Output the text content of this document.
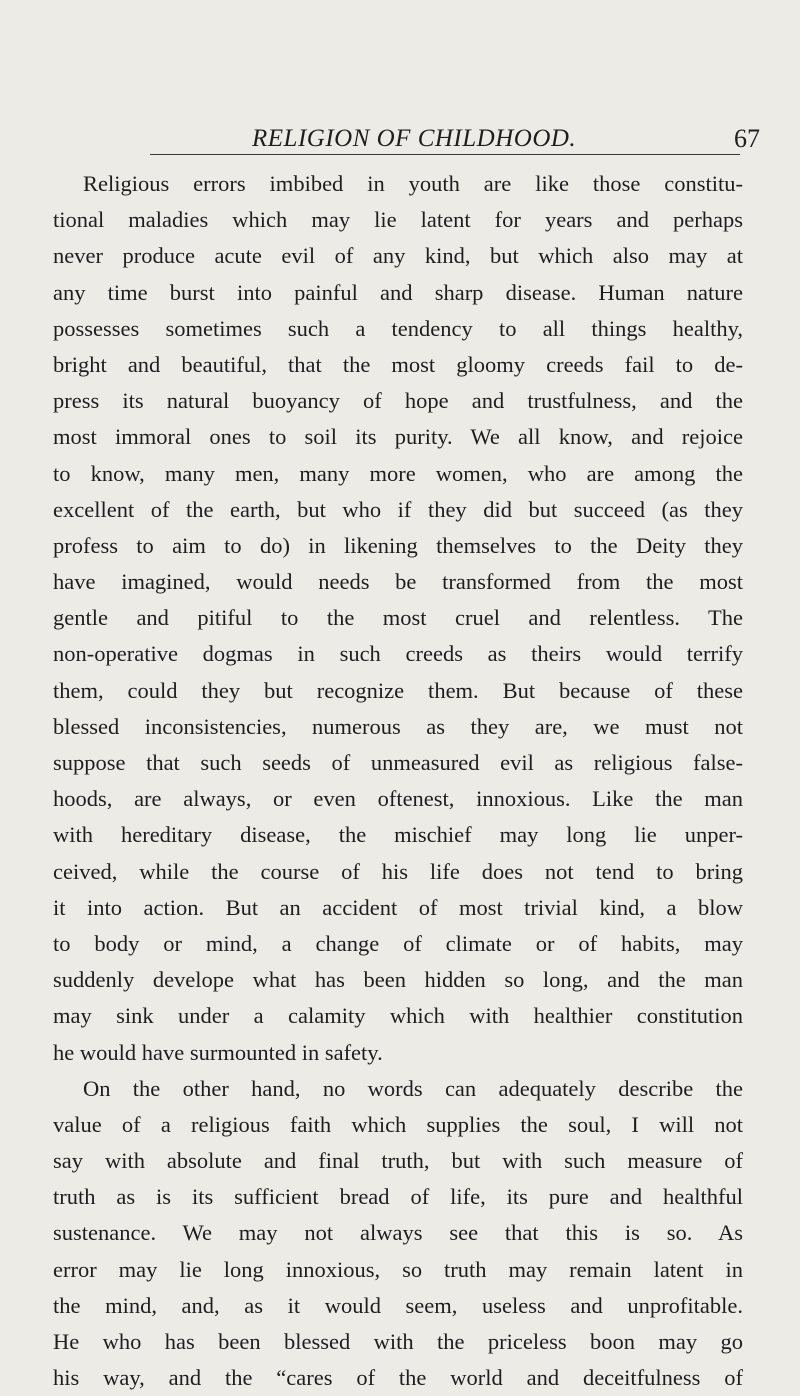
RELIGION OF CHILDHOOD.	67
Religious errors imbibed in youth are like those constitu-
tional maladies which may lie latent for years and perhaps
never produce acute evil of any kind, but which also may at
any time burst into painful and sharp disease. Human nature
possesses sometimes such a tendency to all things healthy,
bright and beautiful, that the most gloomy creeds fail to de-
press its natural buoyancy of hope and trustfulness, and the
most immoral ones to soil its purity. We all know, and rejoice
to know, many men, many more women, who are among the
excellent of the earth, but who if they did but succeed (as they
profess to aim to do) in likening themselves to the Deity they
have imagined, would needs be transformed from the most
gentle and pitiful to the most cruel and relentless. The
non-operative dogmas in such creeds as theirs would terrify
them, could they but recognize them. But because of these
blessed inconsistencies, numerous as they are, we must not
suppose that such seeds of unmeasured evil as religious false-
hoods, are always, or even oftenest, innoxious. Like the man
with hereditary disease, the mischief may long lie unper-
ceived, while the course of his life does not tend to bring
it into action. But an accident of most trivial kind, a blow
to body or mind, a change of climate or of habits, may
suddenly develope what has been hidden so long, and the man
may sink under a calamity which with healthier constitution
he would have surmounted in safety.
On the other hand, no words can adequately describe the
value of a religious faith which supplies the soul, I will not
say with absolute and final truth, but with such measure of
truth as is its sufficient bread of life, its pure and healthful
sustenance. We may not always see that this is so. As
error may lie long innoxious, so truth may remain latent in
the mind, and, as it would seem, useless and unprofitable.
He who has been blessed with the priceless boon may go
his way, and the “cares of the world and deceitfulness of
